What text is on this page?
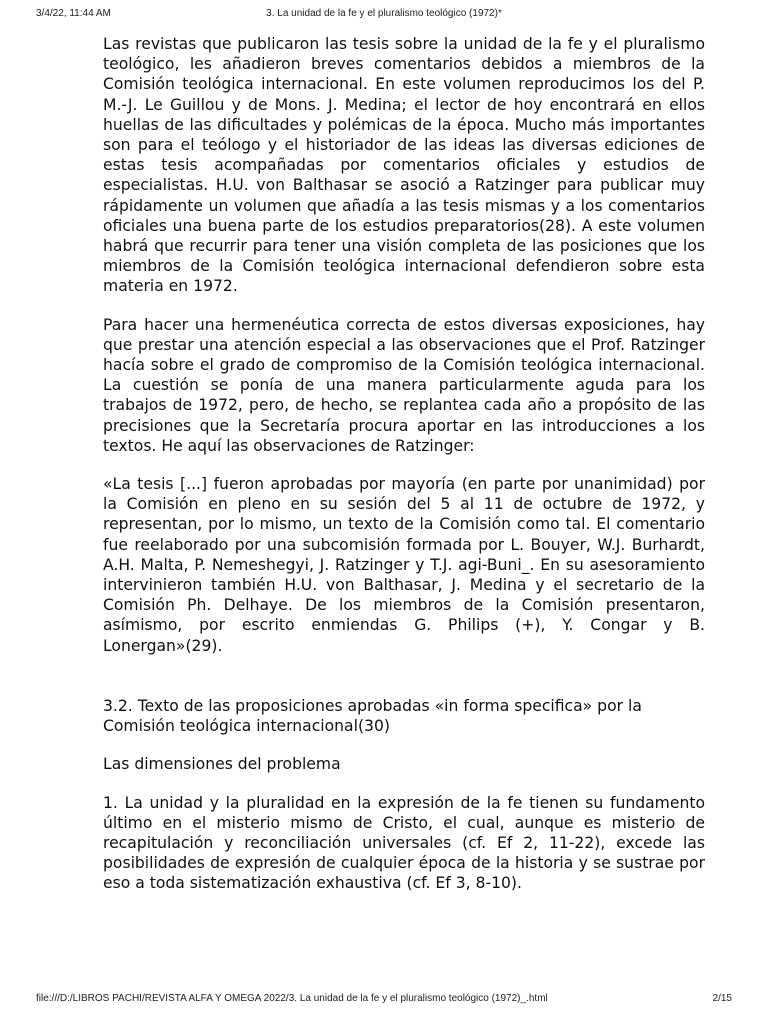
3/4/22, 11:44 AM	3. La unidad de la fe y el pluralismo teológico (1972)*

Las revistas que publicaron las tesis sobre la unidad de la fe y el pluralismo teológico, les añadieron breves comentarios debidos a miembros de la Comisión teológica internacional. En este volumen reproducimos los del P. M.-J. Le Guillou y de Mons. J. Medina; el lector de hoy encontrará en ellos huellas de las dificultades y polémicas de la época. Mucho más importantes son para el teólogo y el historiador de las ideas las diversas ediciones de estas tesis acompañadas por comentarios oficiales y estudios de especialistas. H.U. von Balthasar se asoció a Ratzinger para publicar muy rápidamente un volumen que añadía a las tesis mismas y a los comentarios oficiales una buena parte de los estudios preparatorios(28). A este volumen habrá que recurrir para tener una visión completa de las posiciones que los miembros de la Comisión teológica internacional defendieron sobre esta materia en 1972.

Para hacer una hermenéutica correcta de estos diversas exposiciones, hay que prestar una atención especial a las observaciones que el Prof. Ratzinger hacía sobre el grado de compromiso de la Comisión teológica internacional. La cuestión se ponía de una manera particularmente aguda para los trabajos de 1972, pero, de hecho, se replantea cada año a propósito de las precisiones que la Secretaría procura aportar en las introducciones a los textos. He aquí las observaciones de Ratzinger:

«La tesis [...] fueron aprobadas por mayoría (en parte por unanimidad) por la Comisión en pleno en su sesión del 5 al 11 de octubre de 1972, y representan, por lo mismo, un texto de la Comisión como tal. El comentario fue reelaborado por una subcomisión formada por L. Bouyer, W.J. Burhardt, A.H. Malta, P. Nemeshegyi, J. Ratzinger y T.J. agi-Buni_. En su asesoramiento intervinieron también H.U. von Balthasar, J. Medina y el secretario de la Comisión Ph. Delhaye. De los miembros de la Comisión presentaron, asímismo, por escrito enmiendas G. Philips (+), Y. Congar y B. Lonergan»(29).

3.2. Texto de las proposiciones aprobadas «in forma specifica» por la Comisión teológica internacional(30)

Las dimensiones del problema

1. La unidad y la pluralidad en la expresión de la fe tienen su fundamento último en el misterio mismo de Cristo, el cual, aunque es misterio de recapitulación y reconciliación universales (cf. Ef 2, 11-22), excede las posibilidades de expresión de cualquier época de la historia y se sustrae por eso a toda sistematización exhaustiva (cf. Ef 3, 8-10).

file:///D:/LIBROS PACHI/REVISTA ALFA Y OMEGA 2022/3. La unidad de la fe y el pluralismo teológico (1972)_.html	2/15
